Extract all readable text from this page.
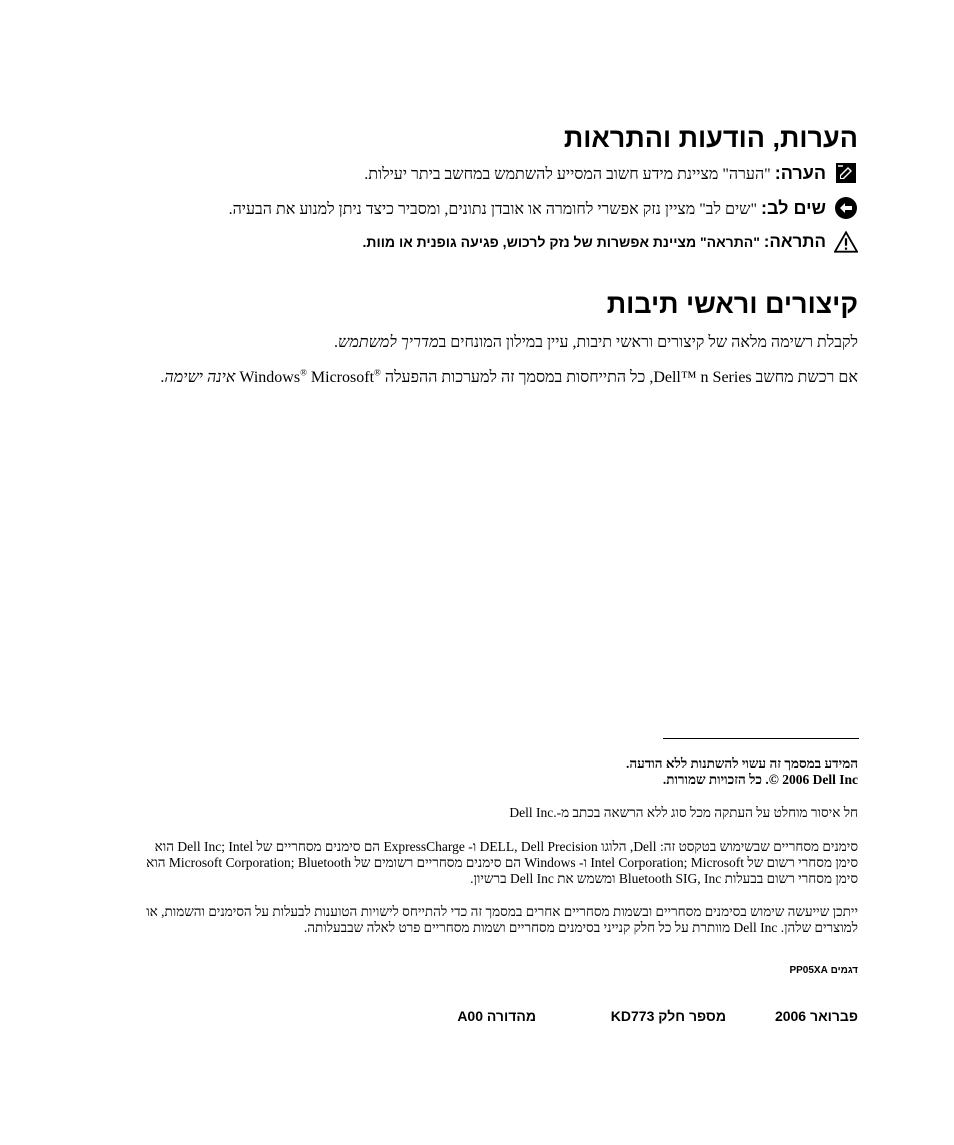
הערות, הודעות והתראות
הערה: "הערה" מציינת מידע חשוב המסייע להשתמש במחשב ביתר יעילות.
שים לב: "שים לב" מציין נזק אפשרי לחומרה או אובדן נתונים, ומסביר כיצד ניתן למנוע את הבעיה.
התראה: "התראה" מציינת אפשרות של נזק לרכוש, פגיעה גופנית או מוות.
קיצורים וראשי תיבות
לקבלת רשימה מלאה של קיצורים וראשי תיבות, עיין במילון המונחים במדריך למשתמש.
אם רכשת מחשב Dell™ n Series, כל התייחסות במסמך זה למערכות ההפעלה Windows® Microsoft® אינה ישימה.
המידע במסמך זה עשוי להשתנות ללא הודעה.
© 2006 Dell Inc. כל הזכויות שמורות.
חל איסור מוחלט על העתקה מכל סוג ללא הרשאה בכתב מ- Dell Inc.
סימנים מסחריים שבשימוש בטקסט זה: Dell, הלוגו DELL, Dell Precision ו- ExpressCharge הם סימנים מסחריים של Dell Inc; Intel הוא
סימן מסחרי רשום של Intel Corporation; Microsoft ו- Windows הם סימנים מסחריים רשומים של Microsoft Corporation; Bluetooth הוא
סימן מסחרי רשום בבעלות Bluetooth SIG, Inc ומשמש את Dell Inc ברשיון.
ייתכן שייעשה שימוש בסימנים מסחריים ובשמות מסחריים אחרים במסמך זה כדי להתייחס לישויות הטוענות לבעלות על הסימנים והשמות, או
למוצרים שלהן. Dell Inc מוותרת על כל חלק קנייני בסימנים מסחריים ושמות מסחריים פרט לאלה שבבעלותה.
דגמים PP05XA
פברואר 2006
מספר חלק KD773
מהדורה A00
